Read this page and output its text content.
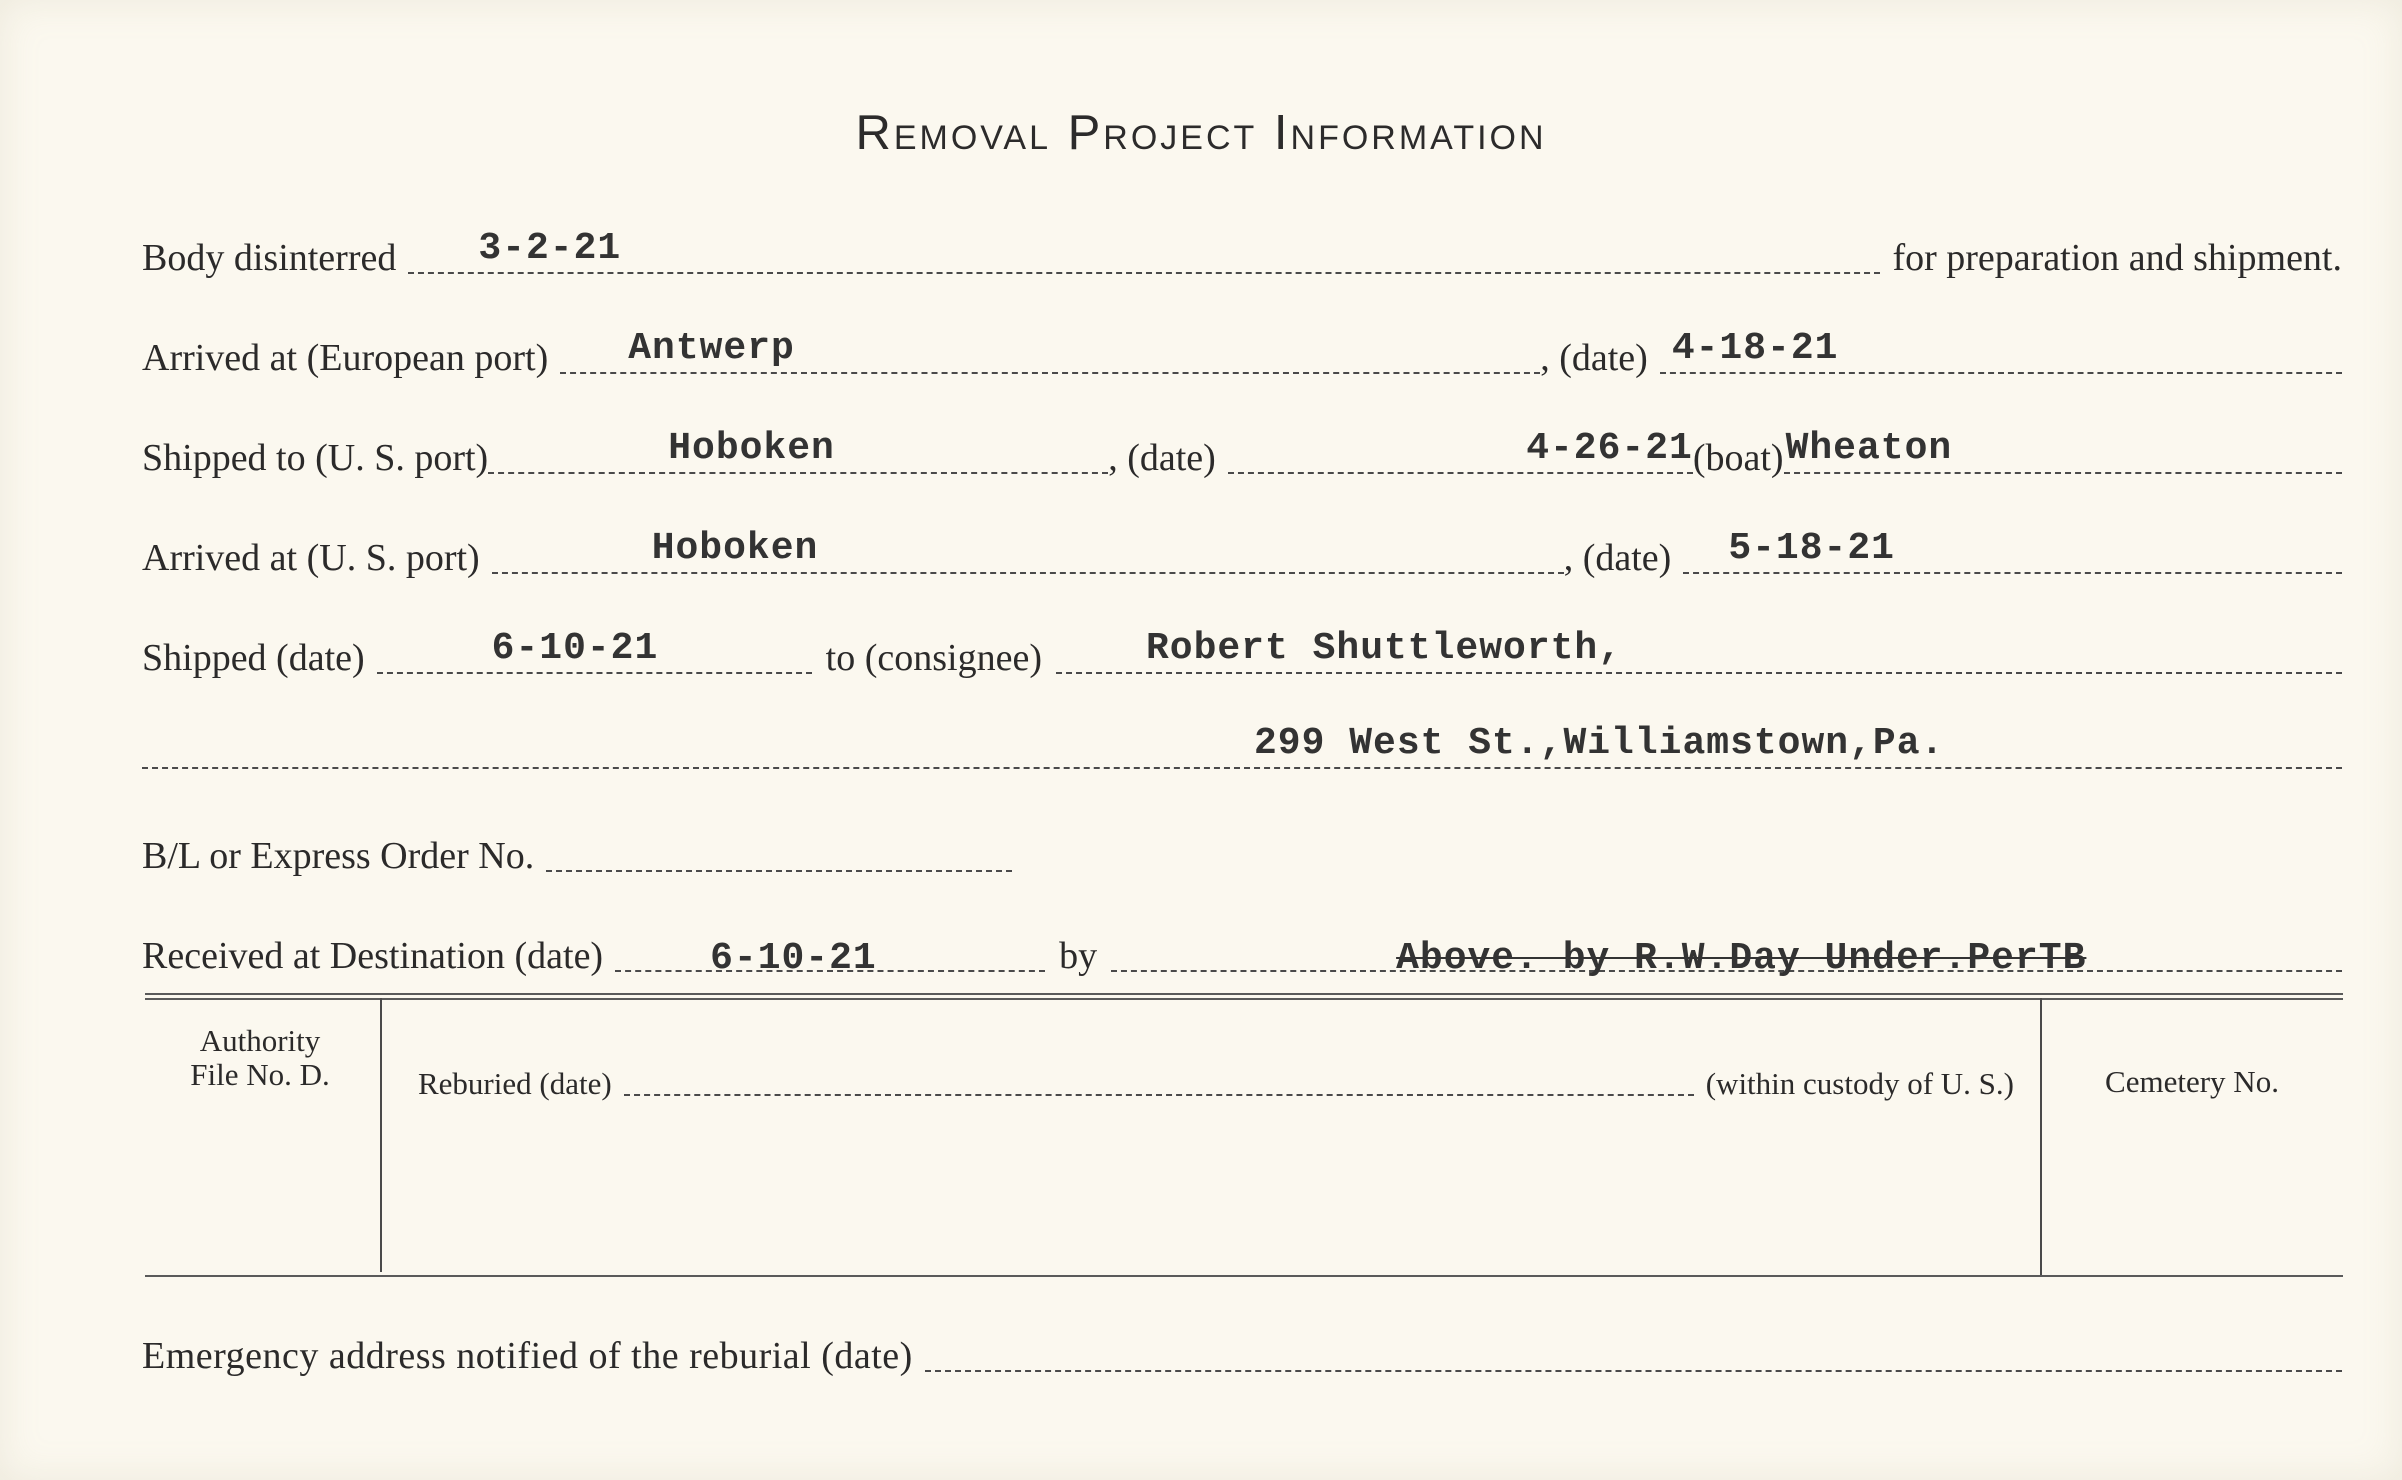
Removal Project Information
Body disinterred	3-2-21	for preparation and shipment.
Arrived at (European port)	Antwerp	, (date) 4-18-21
Shipped to (U. S. port)	Hoboken	, (date)	4-26-21 (boat) Wheaton
Arrived at (U. S. port)	Hoboken	, (date)	5-18-21
Shipped (date)	6-10-21	to (consignee)	Robert Shuttleworth,
299 West St.,Williamstown,Pa.
B/L or Express Order No.
Received at Destination (date)	6-10-21	by	Above. by R.W.Day Under.PerTB
Authority
File No. D.	Reburied (date)	(within custody of U. S.)	Cemetery No.
Emergency address notified of the reburial (date)
